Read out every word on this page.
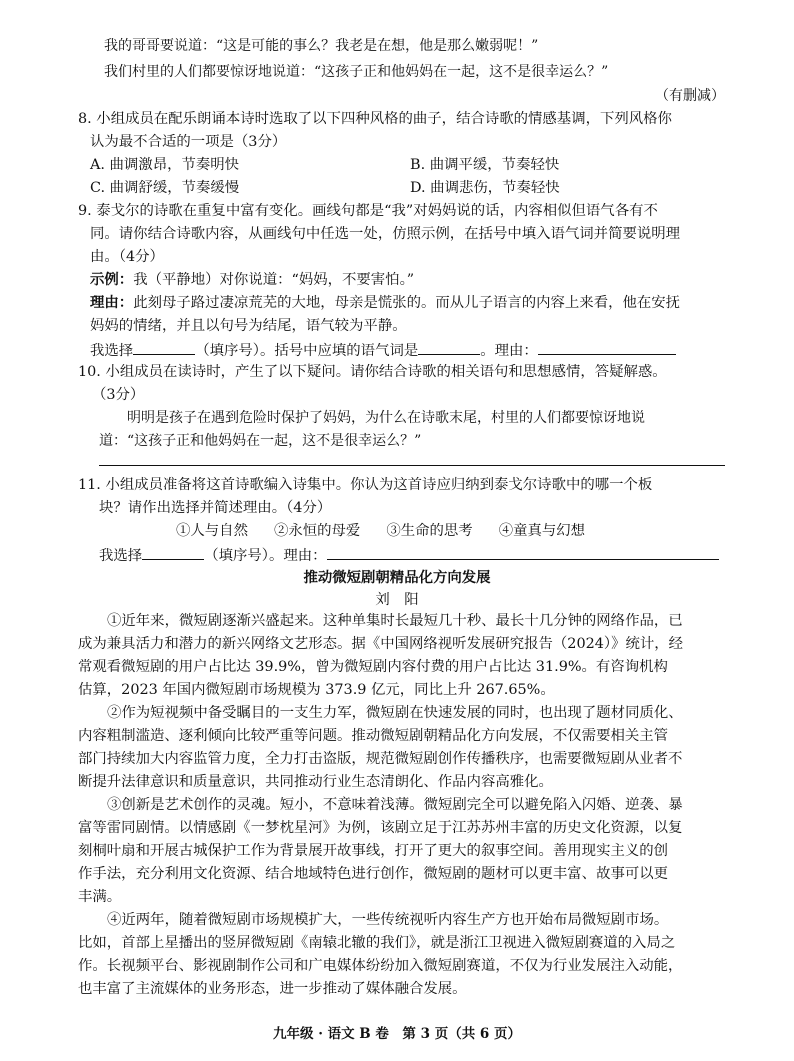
我的哥哥要说道：“这是可能的事么？我老是在想，他是那么嫩弱呢！”
我们村里的人们都要惊讶地说道：“这孩子正和他妈妈在一起，这不是很幸运么？”
（有删减）
8. 小组成员在配乐朗诵本诗时选取了以下四种风格的曲子，结合诗歌的情感基调，下列风格你
认为最不合适的一项是（3分）
A. 曲调激昂，节奏明快	B. 曲调平缓，节奏轻快
C. 曲调舒缓，节奏缓慢	D. 曲调悲伤，节奏轻快
9. 泰戈尔的诗歌在重复中富有变化。画线句都是“我”对妈妈说的话，内容相似但语气各有不
同。请你结合诗歌内容，从画线句中任选一处，仿照示例，在括号中填入语气词并简要说明理
由。（4分）
示例：我（平静地）对你说道：“妈妈，不要害怕。”
理由：此刻母子路过凄凉荒芜的大地，母亲是慌张的。而从儿子语言的内容上来看，他在安抚
妈妈的情绪，并且以句号为结尾，语气较为平静。
我选择	（填序号）。括号中应填的语气词是	。理由：
10. 小组成员在读诗时，产生了以下疑问。请你结合诗歌的相关语句和思想感情，答疑解惑。
（3分）
明明是孩子在遇到危险时保护了妈妈，为什么在诗歌末尾，村里的人们都要惊讶地说
道：“这孩子正和他妈妈在一起，这不是很幸运么？”
11. 小组成员准备将这首诗歌编入诗集中。你认为这首诗应归纳到泰戈尔诗歌中的哪一个板
块？请作出选择并简述理由。（4分）
①人与自然 ②永恒的母爱 ③生命的思考 ④童真与幻想
我选择	（填序号）。理由：
推动微短剧朝精品化方向发展
刘　阳
①近年来，微短剧逐渐兴盛起来。这种单集时长最短几十秒、最长十几分钟的网络作品，已
成为兼具活力和潜力的新兴网络文艺形态。据《中国网络视听发展研究报告（2024）》统计，经
常观看微短剧的用户占比达 39.9%，曾为微短剧内容付费的用户占比达 31.9%。有咨询机构
估算，2023 年国内微短剧市场规模为 373.9 亿元，同比上升 267.65%。
②作为短视频中备受瞩目的一支生力军，微短剧在快速发展的同时，也出现了题材同质化、
内容粗制滥造、逐利倾向比较严重等问题。推动微短剧朝精品化方向发展，不仅需要相关主管
部门持续加大内容监管力度，全力打击盗版，规范微短剧创作传播秩序，也需要微短剧从业者不
断提升法律意识和质量意识，共同推动行业生态清朗化、作品内容高雅化。
③创新是艺术创作的灵魂。短小，不意味着浅薄。微短剧完全可以避免陷入闪婚、逆袭、暴
富等雷同剧情。以情感剧《一梦枕星河》为例，该剧立足于江苏苏州丰富的历史文化资源，以复
刻桐叶扇和开展古城保护工作为背景展开故事线，打开了更大的叙事空间。善用现实主义的创
作手法，充分利用文化资源、结合地域特色进行创作，微短剧的题材可以更丰富、故事可以更
丰满。
④近两年，随着微短剧市场规模扩大，一些传统视听内容生产方也开始布局微短剧市场。
比如，首部上星播出的竖屏微短剧《南辕北辙的我们》，就是浙江卫视进入微短剧赛道的入局之
作。长视频平台、影视剧制作公司和广电媒体纷纷加入微短剧赛道，不仅为行业发展注入动能，
也丰富了主流媒体的业务形态，进一步推动了媒体融合发展。
九年级 · 语文 B 卷　第 3 页（共 6 页）
